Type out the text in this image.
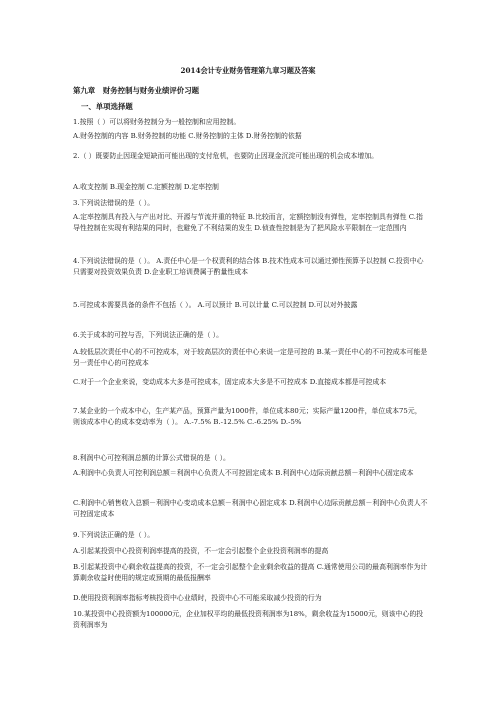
2014会计专业财务管理第九章习题及答案
第九章   财务控制与财务业绩评价习题
一、单项选择题
1.按照（ ）可以将财务控制分为一般控制和应用控制。
A.财务控制的内容 B.财务控制的功能 C.财务控制的主体 D.财务控制的依据
2.（ ）既要防止因现金短缺而可能出现的支付危机，也要防止因现金沉淀可能出现的机会成本增加。
A.收支控制 B.现金控制 C.定额控制 D.定率控制
3.下列说法错误的是（ ）。
A.定率控制具有投入与产出对比、开源与节流并重的特征 B.比较而言，定额控制没有弹性，定率控制具有弹性 C.指导性控制在实现有利结果的同时，也避免了不利结果的发生 D.侦查性控制是为了把风险水平限制在一定范围内
4.下列说法错误的是（ ）。 A.责任中心是一个权责利的结合体 B.技术性成本可以通过弹性预算予以控制 C.投资中心只需要对投资效果负责 D.企业职工培训费属于酌量性成本
5.可控成本需要具备的条件不包括（ ）。 A.可以预计 B.可以计量 C.可以控制 D.可以对外披露
6.关于成本的可控与否，下列说法正确的是（ ）。
A.较低层次责任中心的不可控成本，对于较高层次的责任中心来说一定是可控的 B.某一责任中心的不可控成本可能是另一责任中心的可控成本
C.对于一个企业来说，变动成本大多是可控成本，固定成本大多是不可控成本 D.直接成本都是可控成本
7.某企业的一个成本中心，生产某产品，预算产量为1000件，单位成本80元；实际产量1200件，单位成本75元，则该成本中心的成本变动率为（ ）。 A.-7.5% B.-12.5% C.-6.25% D.-5%
8.利润中心可控利润总额的计算公式错误的是（ ）。
A.利润中心负责人可控利润总额＝利润中心负责人不可控固定成本 B.利润中心边际贡献总额－利润中心固定成本
C.利润中心销售收入总额－利润中心变动成本总额－利润中心固定成本 D.利润中心边际贡献总额－利润中心负责人不可控固定成本
9.下列说法正确的是（ ）。
A.引起某投资中心投资利润率提高的投资，不一定会引起整个企业投资利润率的提高
B.引起某投资中心剩余收益提高的投资，不一定会引起整个企业剩余收益的提高 C.通常使用公司的最高利润率作为计算剩余收益时使用的规定或预期的最低报酬率
D.使用投资利润率指标考核投资中心业绩时，投资中心不可能采取减少投资的行为
10.某投资中心投资额为100000元，企业加权平均的最低投资利润率为18%，剩余收益为15000元，则该中心的投资利润率为
